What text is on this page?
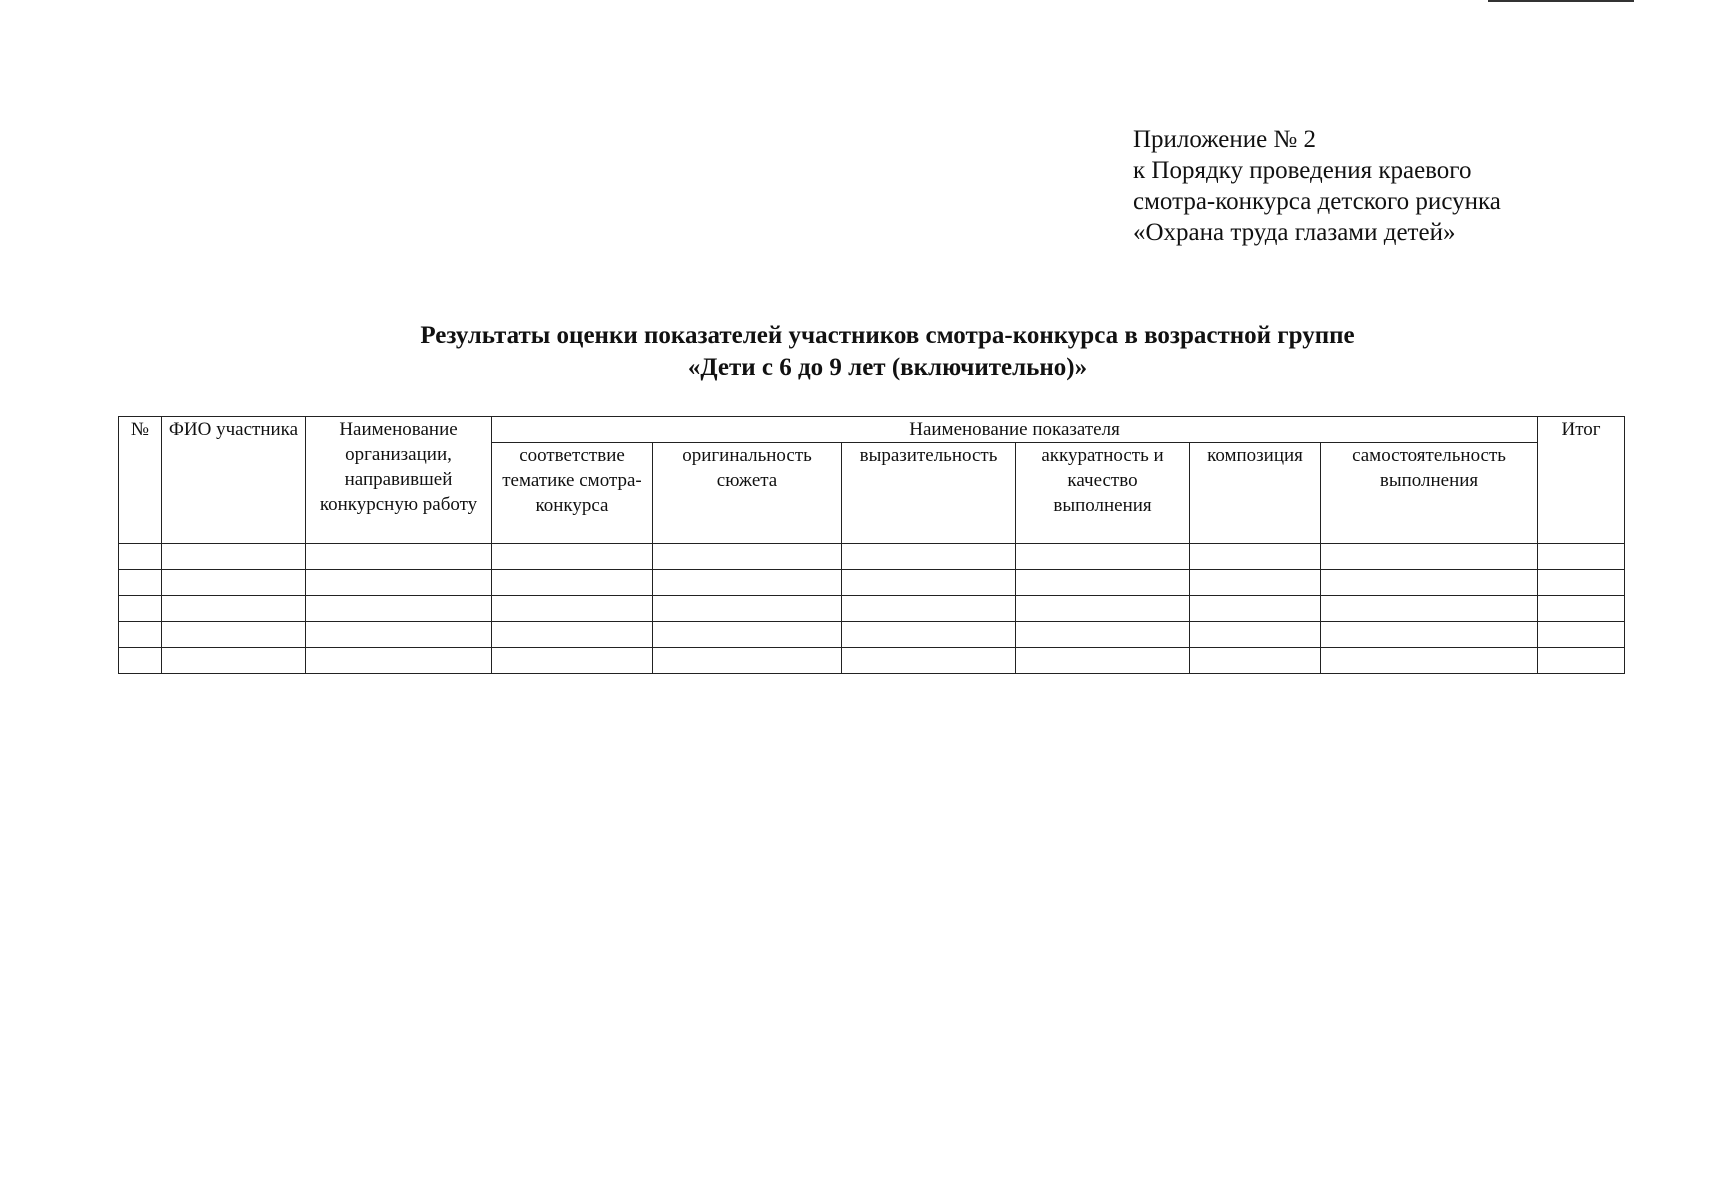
Приложение № 2
к Порядку проведения краевого
смотра-конкурса детского рисунка
«Охрана труда глазами детей»
Результаты оценки показателей участников смотра-конкурса в возрастной группе
«Дети с 6 до 9 лет (включительно)»
№	ФИО участника	Наименование организации, направившей конкурсную работу	Наименование показателя						Итог
			соответствие тематике смотра-конкурса	оригинальность сюжета	выразительность	аккуратность и качество выполнения	композиция	самостоятельность выполнения	
